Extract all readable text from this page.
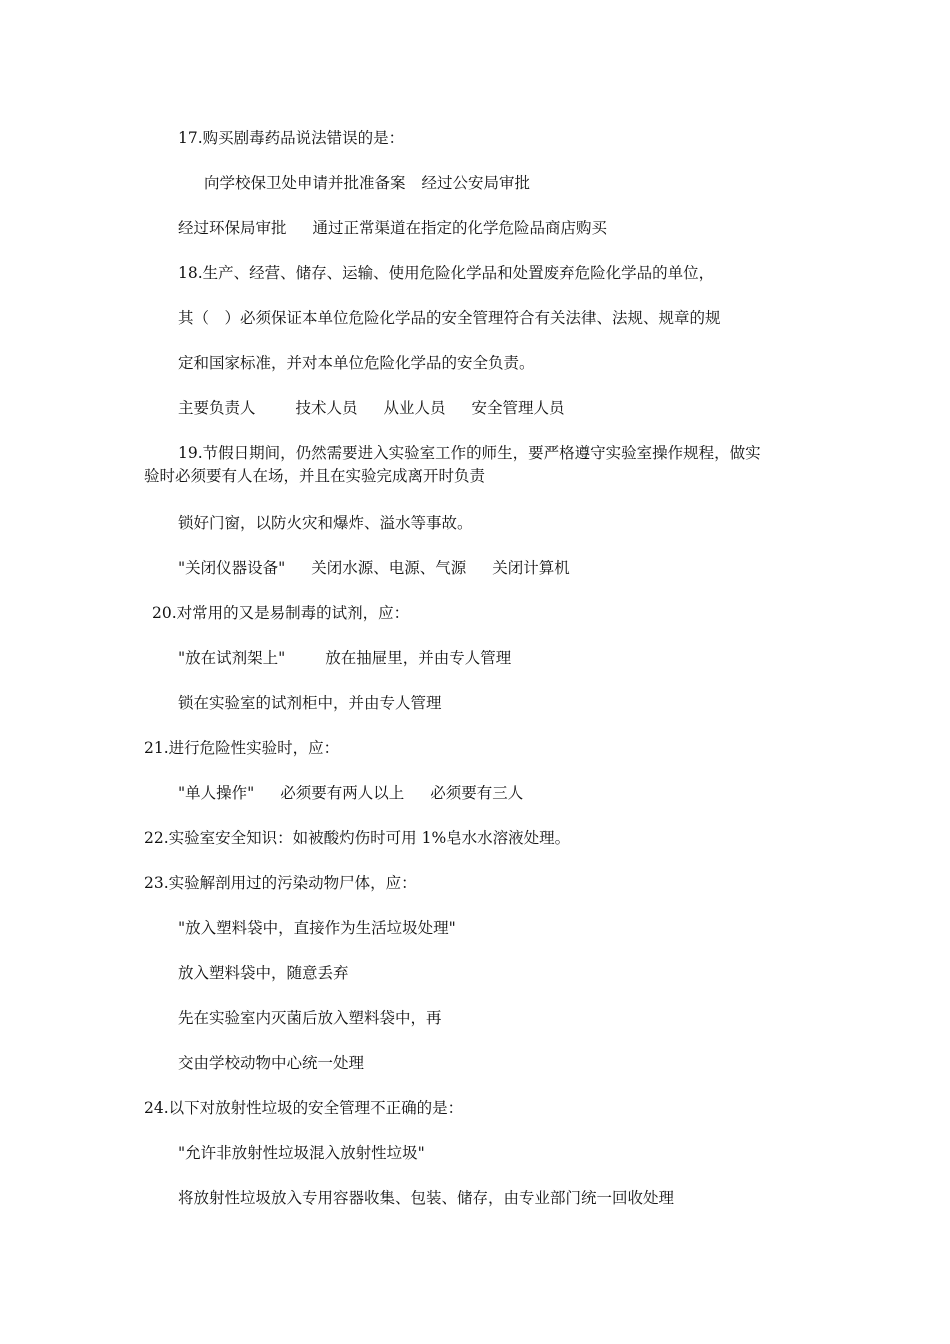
17.购买剧毒药品说法错误的是：
向学校保卫处申请并批准备案 经过公安局审批
经过环保局审批 通过正常渠道在指定的化学危险品商店购买
18.生产、经营、储存、运输、使用危险化学品和处置废弃危险化学品的单位，
其（　）必须保证本单位危险化学品的安全管理符合有关法律、法规、规章的规
定和国家标准，并对本单位危险化学品的安全负责。
主要负责人	技术人员 从业人员 安全管理人员
19.节假日期间，仍然需要进入实验室工作的师生，要严格遵守实验室操作规程，做实
验时必须要有人在场，并且在实验完成离开时负责
锁好门窗，以防火灾和爆炸、溢水等事故。
"关闭仪器设备" 关闭水源、电源、气源 关闭计算机
20.对常用的又是易制毒的试剂，应：
"放在试剂架上"	放在抽屉里，并由专人管理
锁在实验室的试剂柜中，并由专人管理
21.进行危险性实验时，应：
"单人操作" 必须要有两人以上 必须要有三人
22.实验室安全知识：如被酸灼伤时可用 1%皂水水溶液处理。
23.实验解剖用过的污染动物尸体，应：
"放入塑料袋中，直接作为生活垃圾处理"
放入塑料袋中，随意丢弃
先在实验室内灭菌后放入塑料袋中，再
交由学校动物中心统一处理
24.以下对放射性垃圾的安全管理不正确的是：
"允许非放射性垃圾混入放射性垃圾"
将放射性垃圾放入专用容器收集、包装、储存，由专业部门统一回收处理
